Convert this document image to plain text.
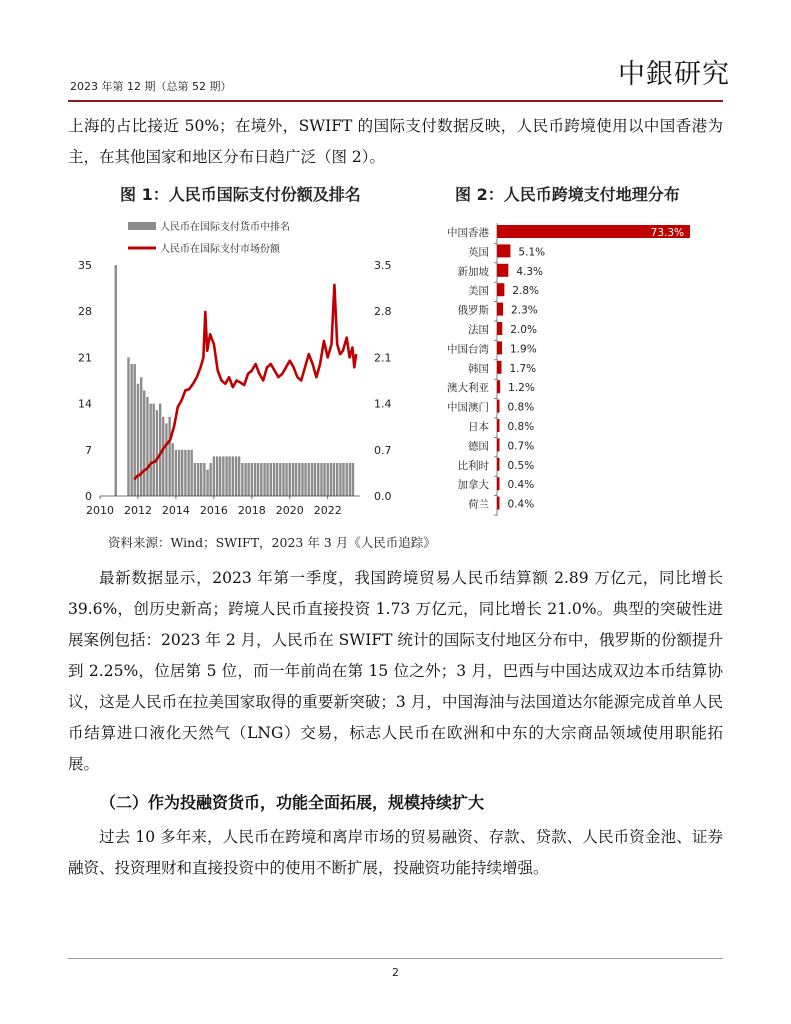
2023 年第 12 期（总第 52 期）	中銀研究

上海的占比接近 50%；在境外，SWIFT 的国际支付数据反映，人民币跨境使用以中国香港为主，在其他国家和地区分布日趋广泛（图 2）。

图 1：人民币国际支付份额及排名	图 2：人民币跨境支付地理分布
人民币在国际支付货币中排名
人民币在国际支付市场份额
2010 2012 2014 2016 2018 2020 2022
35
28
21
14
7
0
3.5
2.8
2.1
1.4
0.7
0.0
中国香港	73.3%
英国	5.1%
新加坡	4.3%
美国 2.8%
俄罗斯 2.3%
法国 2.0%
中国台湾 1.9%
韩国 1.7%
澳大利亚 1.2%
中国澳门 0.8%
日本 0.8%
德国 0.7%
比利时 0.5%
加拿大 0.4%
荷兰 0.4%
资料来源：Wind；SWIFT，2023 年 3 月《人民币追踪》

最新数据显示，2023 年第一季度，我国跨境贸易人民币结算额 2.89 万亿元，同比增长 39.6%，创历史新高；跨境人民币直接投资 1.73 万亿元，同比增长 21.0%。典型的突破性进展案例包括：2023 年 2 月，人民币在 SWIFT 统计的国际支付地区分布中，俄罗斯的份额提升到 2.25%，位居第 5 位，而一年前尚在第 15 位之外；3 月，巴西与中国达成双边本币结算协议，这是人民币在拉美国家取得的重要新突破；3 月，中国海油与法国道达尔能源完成首单人民币结算进口液化天然气（LNG）交易，标志人民币在欧洲和中东的大宗商品领域使用职能拓展。

（二）作为投融资货币，功能全面拓展，规模持续扩大

过去 10 多年来，人民币在跨境和离岸市场的贸易融资、存款、贷款、人民币资金池、证券融资、投资理财和直接投资中的使用不断扩展，投融资功能持续增强。

2
